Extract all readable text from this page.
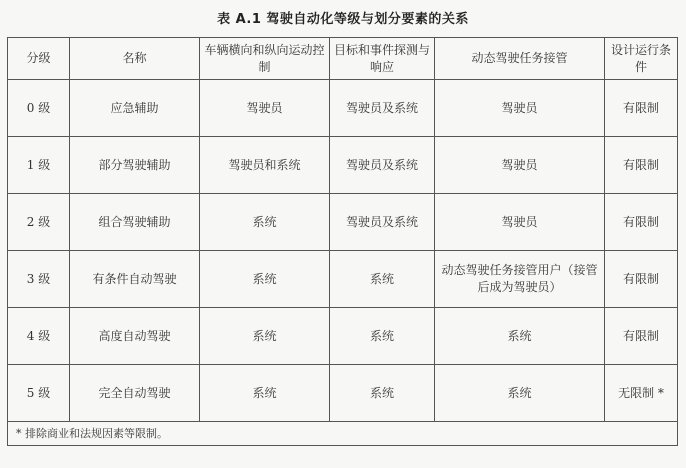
表 A.1 驾驶自动化等级与划分要素的关系
分级	名称	车辆横向和纵向运动控制	目标和事件探测与响应	动态驾驶任务接管	设计运行条件
0 级	应急辅助	驾驶员	驾驶员及系统	驾驶员	有限制
1 级	部分驾驶辅助	驾驶员和系统	驾驶员及系统	驾驶员	有限制
2 级	组合驾驶辅助	系统	驾驶员及系统	驾驶员	有限制
3 级	有条件自动驾驶	系统	系统	动态驾驶任务接管用户（接管后成为驾驶员）	有限制
4 级	高度自动驾驶	系统	系统	系统	有限制
5 级	完全自动驾驶	系统	系统	系统	无限制 *
* 排除商业和法规因素等限制。					
